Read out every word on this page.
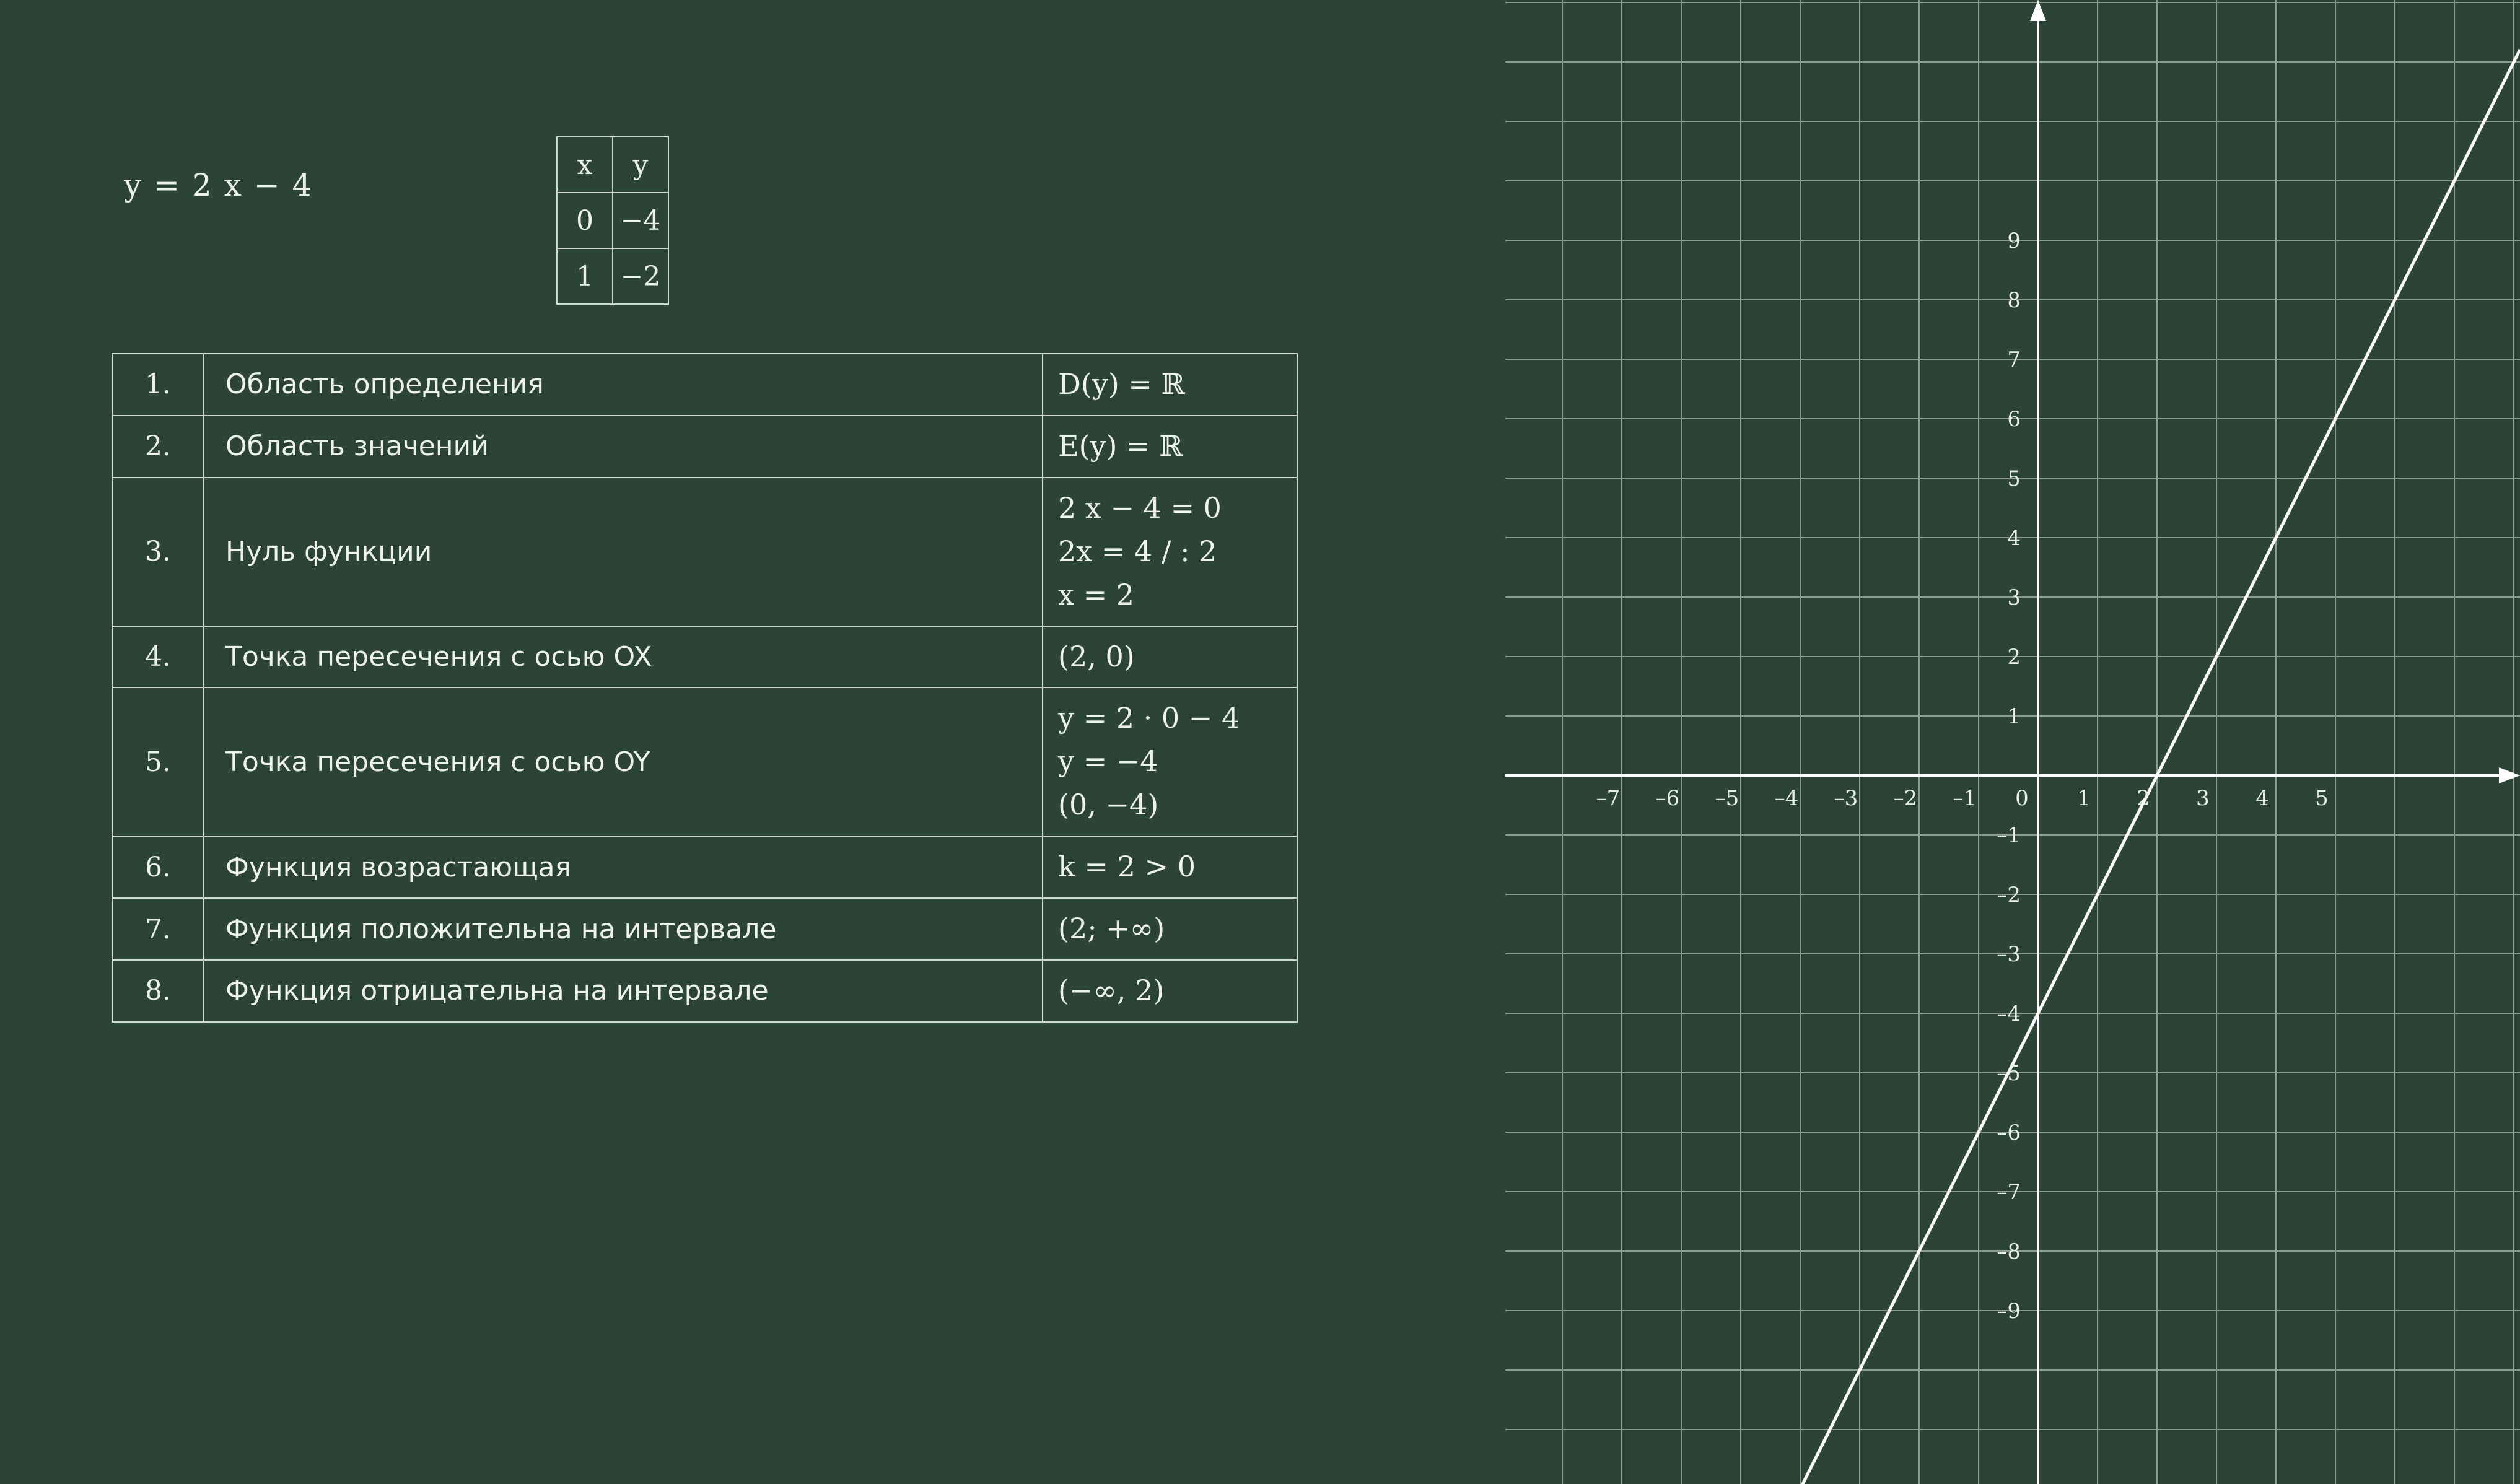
y = 2 x − 4
x	y
0	−4
1	−2
1.	Область определения	D(y) = ℝ

2.	Область значений	E(y) = ℝ

3.	Нуль функции	2 x − 4 = 0
2x = 4 / : 2
x = 2

4.	Точка пересечения с осью OX	(2, 0)

5.	Точка пересечения с осью OY	y = 2 · 0 − 4
y = −4
(0, −4)

6.	Функция возрастающая	k = 2 > 0

7.	Функция положительна на интервале	(2; +∞)

8.	Функция отрицательна на интервале	(−∞, 2)
–7 –6 –5 –4 –3 –2 –1 0 1 2 3 4 5
9
8
7
6
5
4
3
2
1
–1
–2
–3
–4
–5
–6
–7
–8
–9
